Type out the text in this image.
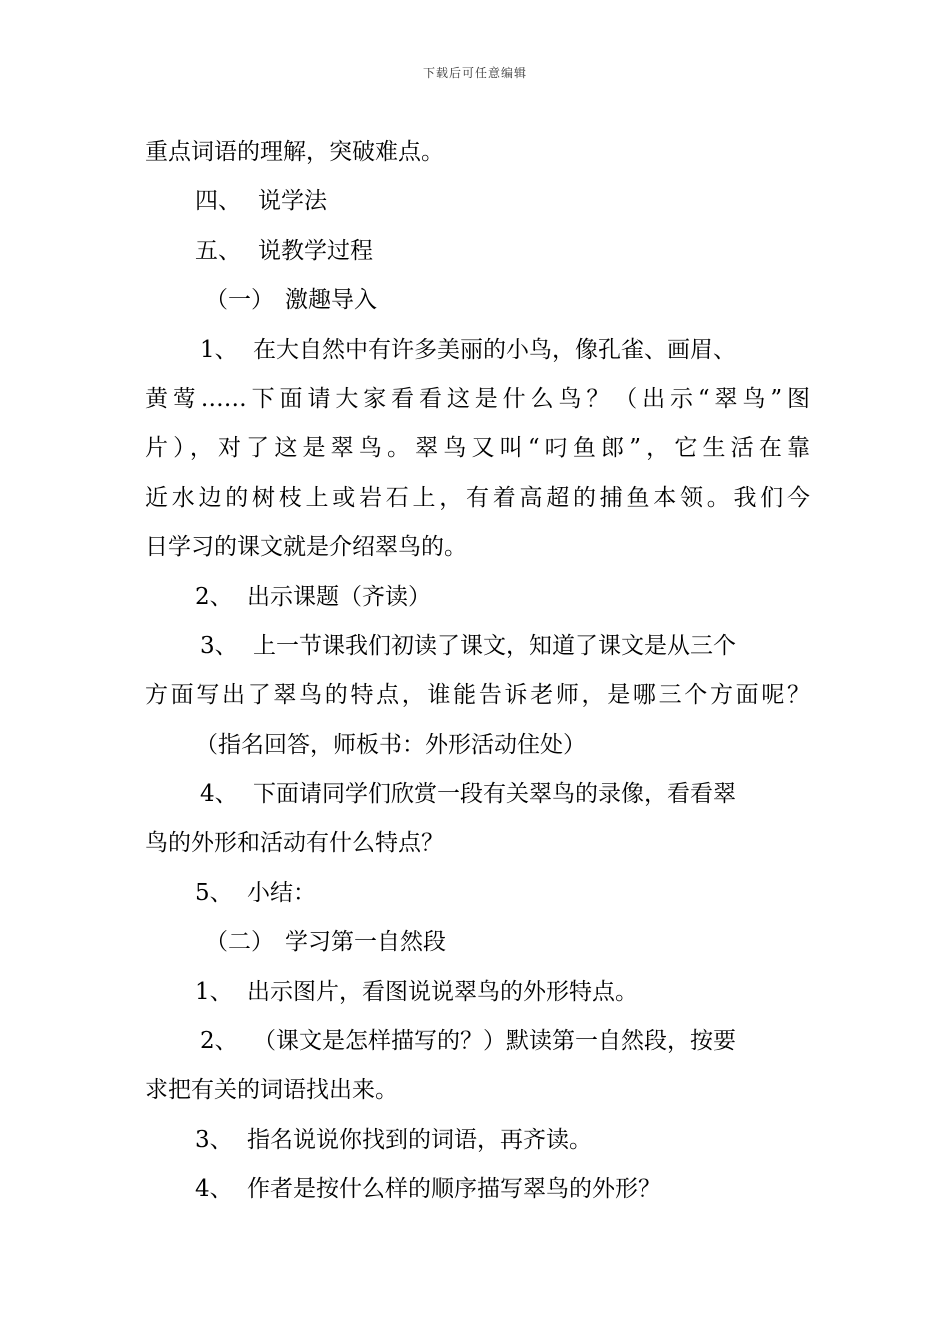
下载后可任意编辑
重点词语的理解，突破难点。
四、 说学法
五、 说教学过程
（一） 激趣导入
1、 在大自然中有许多美丽的小鸟，像孔雀、画眉、
黄莺……下面请大家看看这是什么鸟？（出示“翠鸟”图
片），对了这是翠鸟。翠鸟又叫“叼鱼郎”，它生活在靠
近水边的树枝上或岩石上，有着高超的捕鱼本领。我们今
日学习的课文就是介绍翠鸟的。
2、 出示课题（齐读）
3、 上一节课我们初读了课文，知道了课文是从三个
方面写出了翠鸟的特点，谁能告诉老师，是哪三个方面呢？
（指名回答，师板书：外形活动住处）
4、 下面请同学们欣赏一段有关翠鸟的录像，看看翠
鸟的外形和活动有什么特点？
5、 小结：
（二） 学习第一自然段
1、 出示图片，看图说说翠鸟的外形特点。
2、 （课文是怎样描写的？）默读第一自然段，按要
求把有关的词语找出来。
3、 指名说说你找到的词语，再齐读。
4、 作者是按什么样的顺序描写翠鸟的外形？
